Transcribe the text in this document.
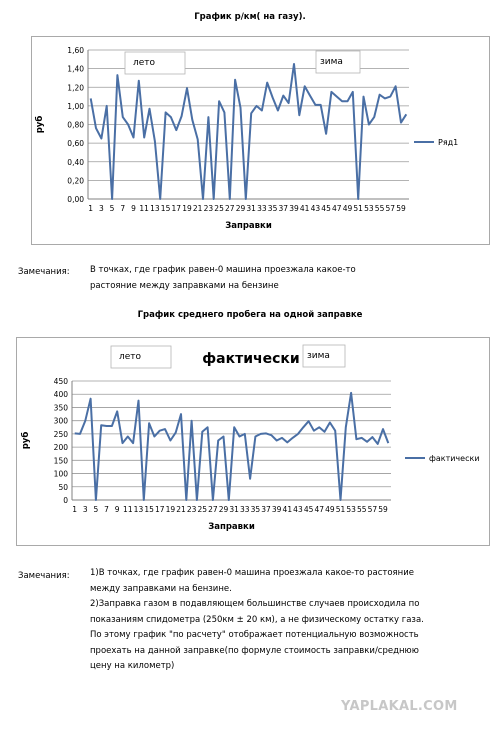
График р/км( на газу).
0,00
0,20
0,40
0,60
0,80
1,00
1,20
1,40
1,60
1 3 5 7 9 11 13 15 17 19 21 23 25 27 29 31 33 35 37 39 41 43 45 47 49 51 53 55 57 59
Заправки
руб
Ряд1
лето	зима
Замечания: В точках, где график равен-0 машина проезжала какое-то
растояние между заправками на бензине
График среднего пробега на одной заправке
0
50
100
150
200
250
300
350
400
450
1 3 5 7 9 11 13 15 17 19 21 23 25 27 29 31 33 35 37 39 41 43 45 47 49 51 53 55 57 59
Заправки
руб
фактически
лето	зима
фактически
Замечания: 1)В точках, где график равен-0 машина проезжала какое-то растояние
между заправками на бензине.
2)Заправка газом в подавляющем большинстве случаев происходила по
показаниям спидометра (250км ± 20 км), а не физическому остатку газа.
По этому график "по расчету" отображает потенциальную возможность
проехать на данной заправке(по формуле стоимость заправки/среднюю
цену на километр)
YAPLAKAL.COM
